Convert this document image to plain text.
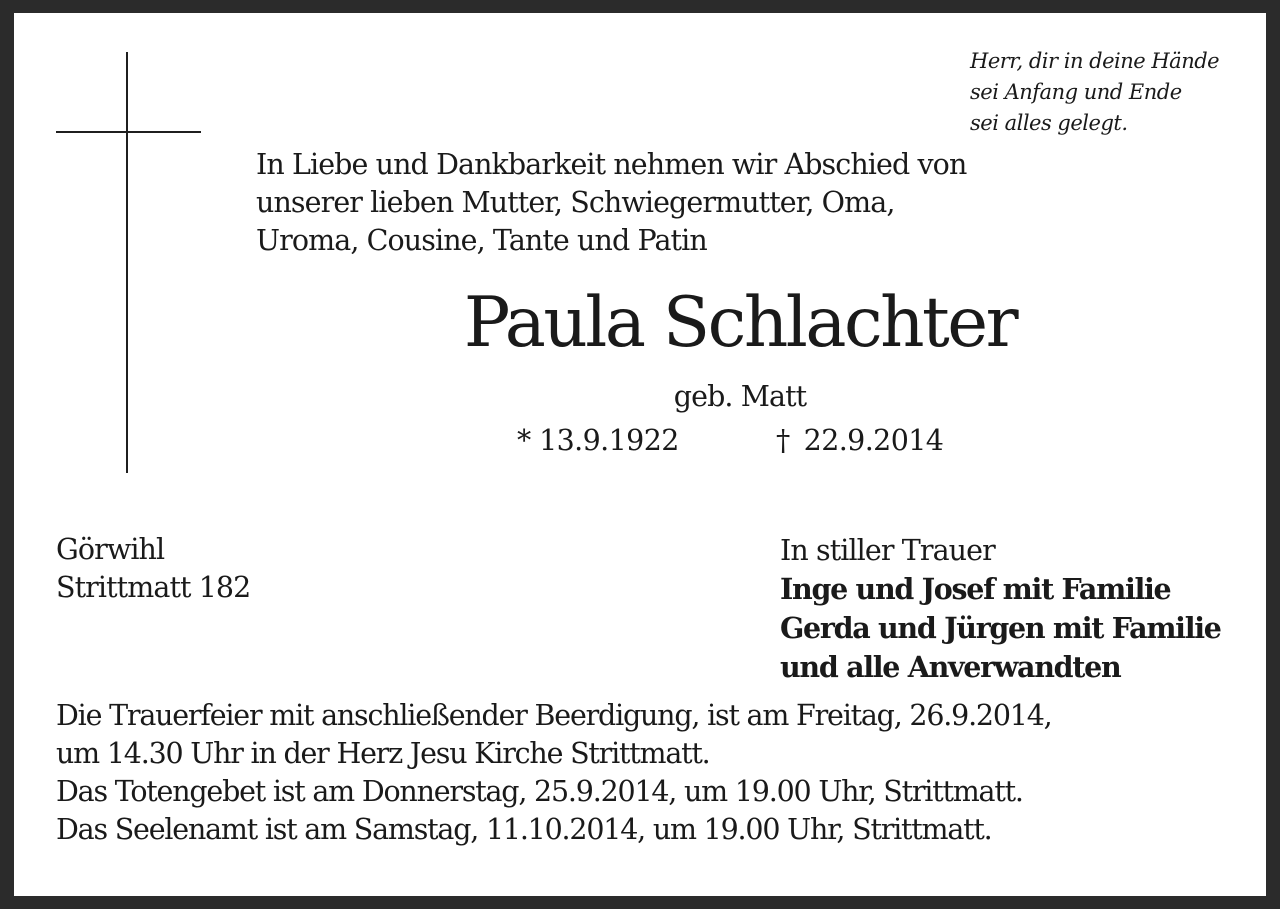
Herr, dir in deine Hände
sei Anfang und Ende
sei alles gelegt.
In Liebe und Dankbarkeit nehmen wir Abschied von
unserer lieben Mutter, Schwiegermutter, Oma,
Uroma, Cousine, Tante und Patin
Paula Schlachter
geb. Matt
* 13.9.1922	† 22.9.2014
Görwihl
Strittmatt 182
In stiller Trauer
Inge und Josef mit Familie
Gerda und Jürgen mit Familie
und alle Anverwandten
Die Trauerfeier mit anschließender Beerdigung, ist am Freitag, 26.9.2014,
um 14.30 Uhr in der Herz Jesu Kirche Strittmatt.
Das Totengebet ist am Donnerstag, 25.9.2014, um 19.00 Uhr, Strittmatt.
Das Seelenamt ist am Samstag, 11.10.2014, um 19.00 Uhr, Strittmatt.
